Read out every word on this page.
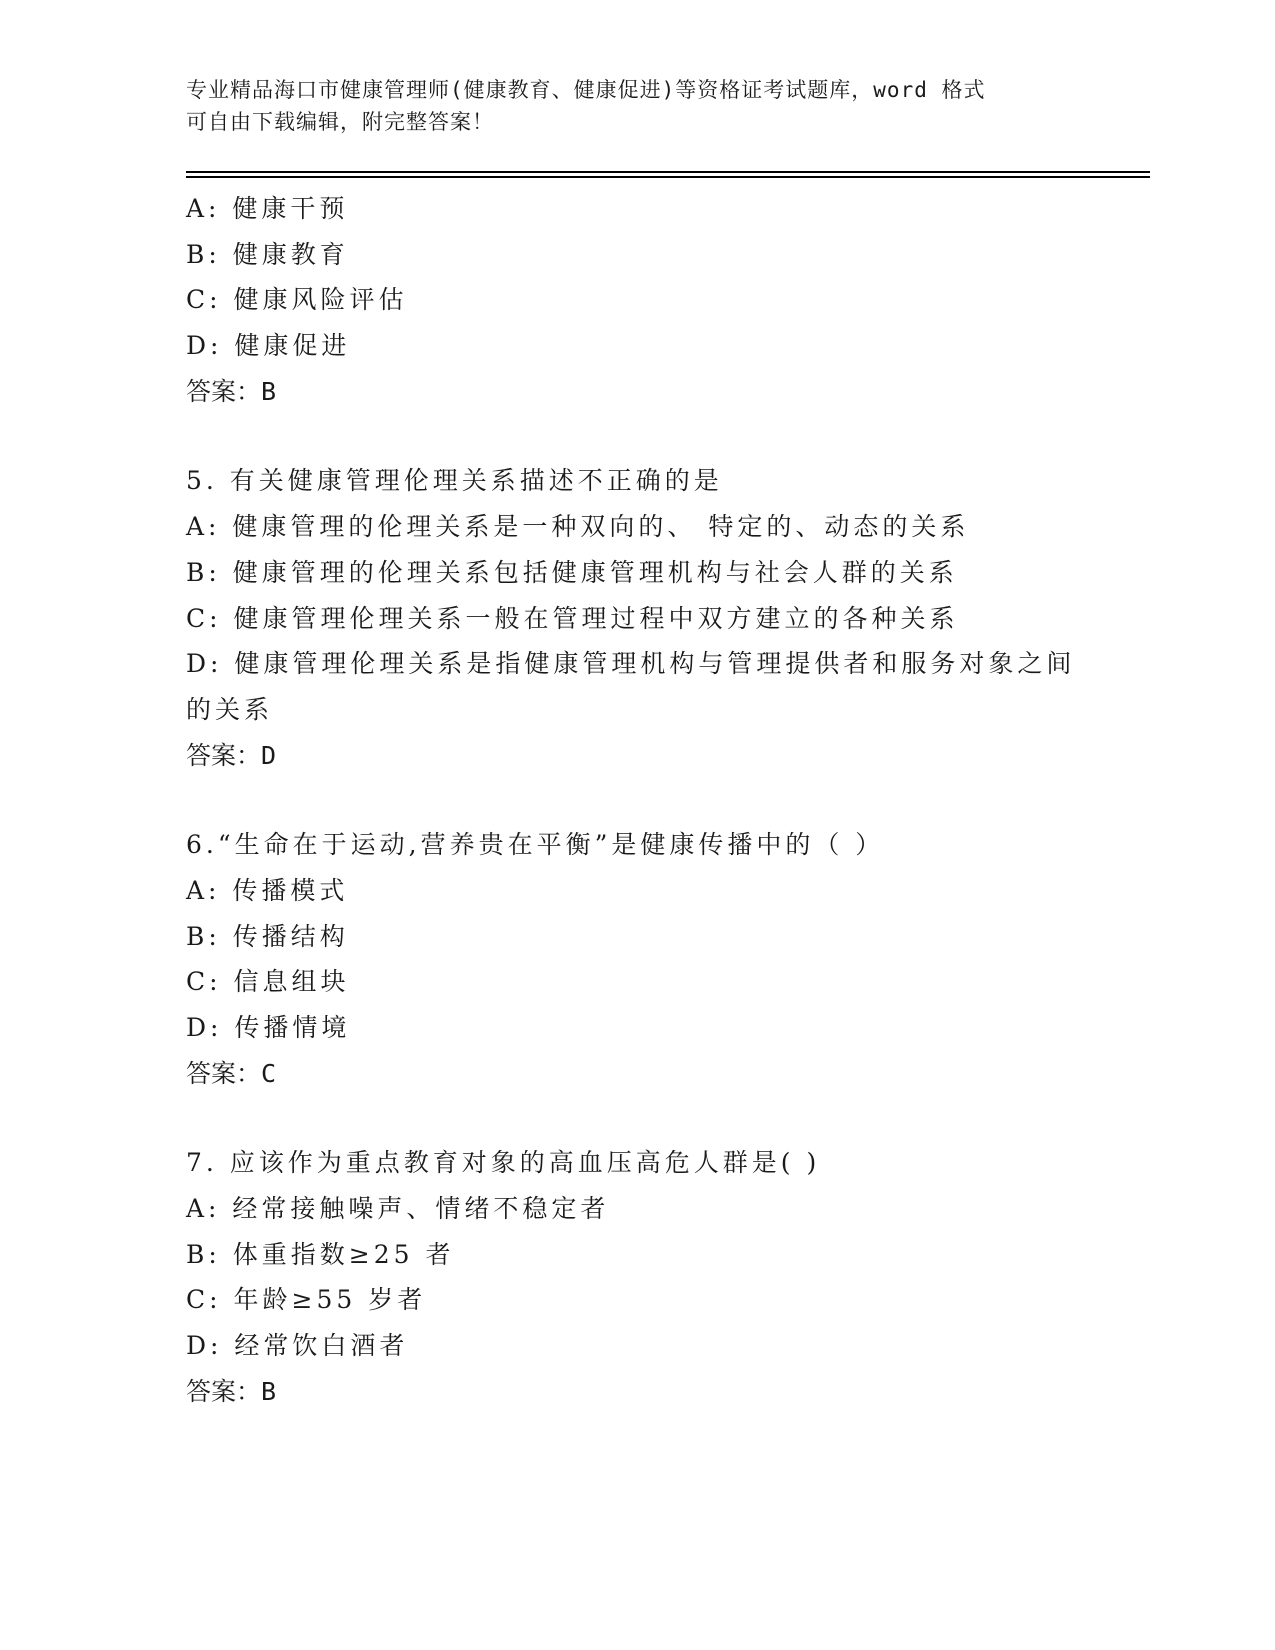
专业精品海口市健康管理师(健康教育、健康促进)等资格证考试题库，word 格式
可自由下载编辑，附完整答案！
A: 健康干预
B: 健康教育
C: 健康风险评估
D: 健康促进
答案：B
5. 有关健康管理伦理关系描述不正确的是
A: 健康管理的伦理关系是一种双向的、 特定的、动态的关系
B: 健康管理的伦理关系包括健康管理机构与社会人群的关系
C: 健康管理伦理关系一般在管理过程中双方建立的各种关系
D: 健康管理伦理关系是指健康管理机构与管理提供者和服务对象之间
的关系
答案：D
6.“生命在于运动,营养贵在平衡”是健康传播中的（ ）
A: 传播模式
B: 传播结构
C: 信息组块
D: 传播情境
答案：C
7. 应该作为重点教育对象的高血压高危人群是( )
A: 经常接触噪声、情绪不稳定者
B: 体重指数≥25 者
C: 年龄≥55 岁者
D: 经常饮白酒者
答案：B
